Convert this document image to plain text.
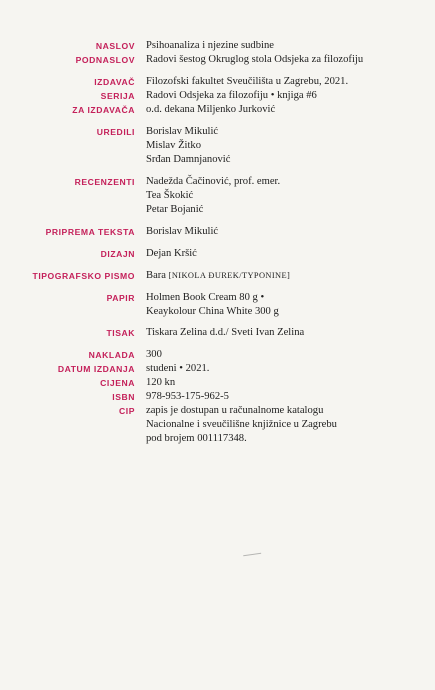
NASLOV Psihoanaliza i njezine sudbine
PODNASLOV Radovi šestog Okruglog stola Odsjeka za filozofiju
IZDAVAČ Filozofski fakultet Sveučilišta u Zagrebu, 2021.
SERIJA Radovi Odsjeka za filozofiju • knjiga #6
ZA IZDAVAČA o.d. dekana Miljenko Jurković
UREDILI Borislav Mikulić
Mislav Žitko
Srđan Damnjanović
RECENZENTI Nadežda Čačinović, prof. emer.
Tea Škokić
Petar Bojanić
PRIPREMA TEKSTA Borislav Mikulić
DIZAJN Dejan Kršić
TIPOGRAFSKO PISMO Bara [NIKOLA ĐUREK/TYPONINE]
PAPIR Holmen Book Cream 80 g •
Keaykolour China White 300 g
TISAK Tiskara Zelina d.d./ Sveti Ivan Zelina
NAKLADA 300
DATUM IZDANJA studeni • 2021.
CIJENA 120 kn
ISBN 978-953-175-962-5
CIP zapis je dostupan u računalnome katalogu
Nacionalne i sveučilišne knjižnice u Zagrebu
pod brojem 001117348.
